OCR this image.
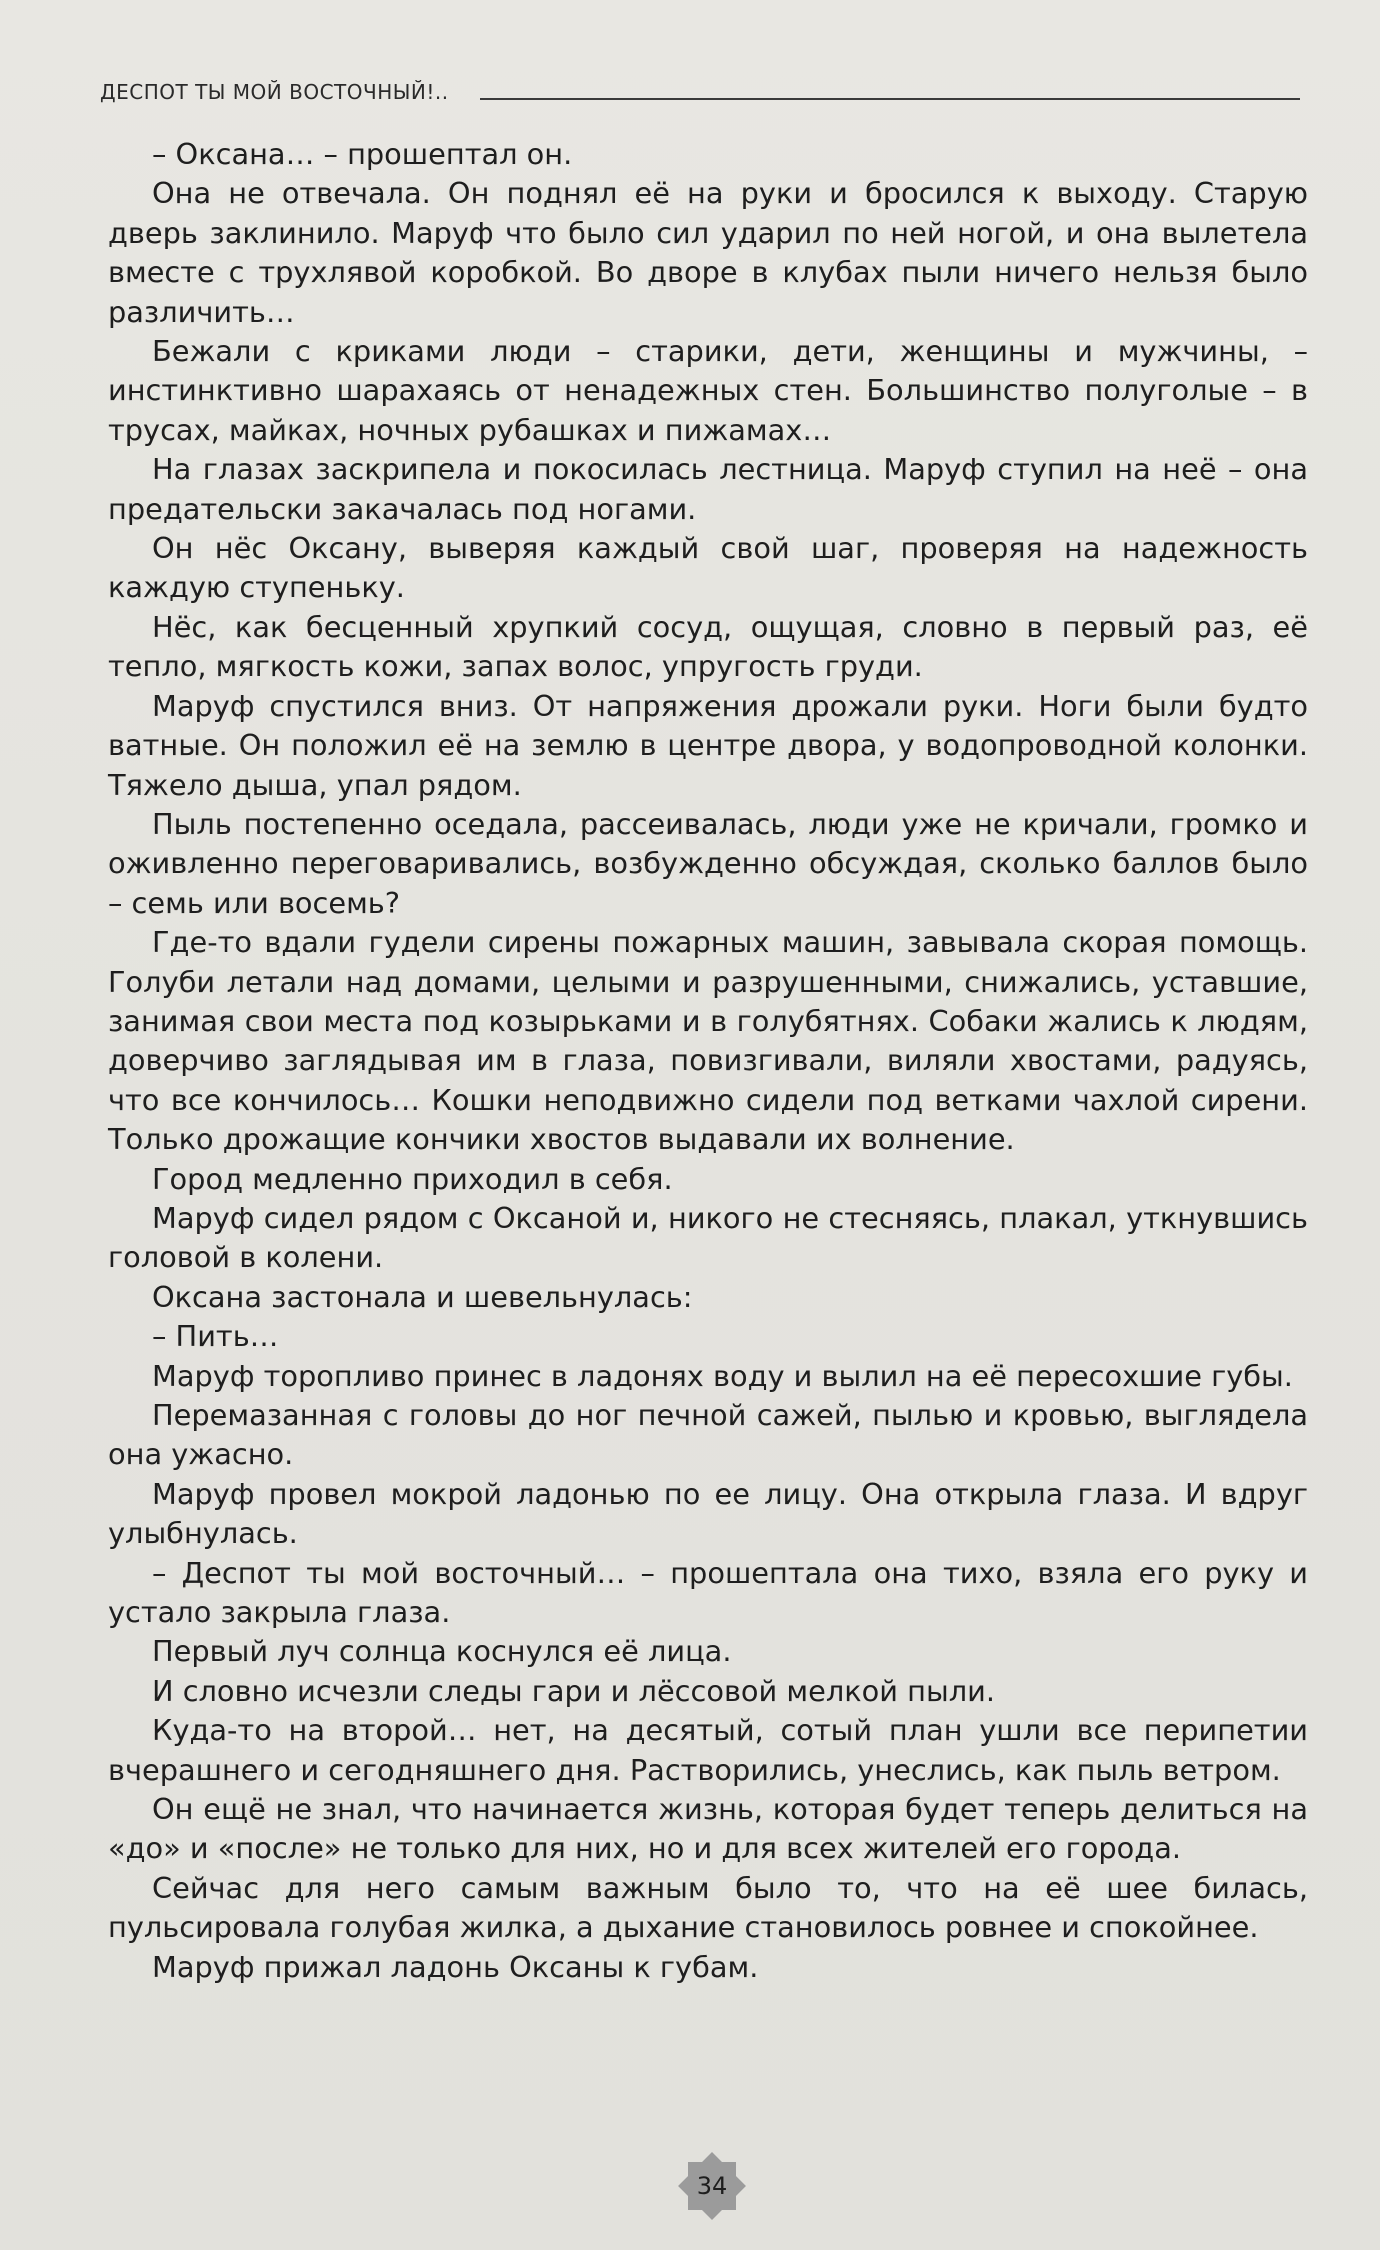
ДЕСПОТ ТЫ МОЙ ВОСТОЧНЫЙ!..

– Оксана… – прошептал он.

Она не отвечала. Он поднял её на руки и бросился к выходу. Старую дверь заклинило. Маруф что было сил ударил по ней ногой, и она вылетела вместе с трухлявой коробкой. Во дворе в клубах пыли ничего нельзя было различить…

Бежали с криками люди – старики, дети, женщины и мужчины, – инстинктивно шарахаясь от ненадежных стен. Большинство полуголые – в трусах, майках, ночных рубашках и пижамах…

На глазах заскрипела и покосилась лестница. Маруф ступил на неё – она предательски закачалась под ногами.

Он нёс Оксану, выверяя каждый свой шаг, проверяя на надежность каждую ступеньку.

Нёс, как бесценный хрупкий сосуд, ощущая, словно в первый раз, её тепло, мягкость кожи, запах волос, упругость груди.

Маруф спустился вниз. От напряжения дрожали руки. Ноги были будто ватные. Он положил её на землю в центре двора, у водопроводной колонки. Тяжело дыша, упал рядом.

Пыль постепенно оседала, рассеивалась, люди уже не кричали, громко и оживленно переговаривались, возбужденно обсуждая, сколько баллов было – семь или восемь?

Где-то вдали гудели сирены пожарных машин, завывала скорая помощь. Голуби летали над домами, целыми и разрушенными, снижались, уставшие, занимая свои места под козырьками и в голубятнях. Собаки жались к людям, доверчиво заглядывая им в глаза, повизгивали, виляли хвостами, радуясь, что все кончилось… Кошки неподвижно сидели под ветками чахлой сирени. Только дрожащие кончики хвостов выдавали их волнение.

Город медленно приходил в себя.

Маруф сидел рядом с Оксаной и, никого не стесняясь, плакал, уткнувшись головой в колени.

Оксана застонала и шевельнулась:

– Пить…

Маруф торопливо принес в ладонях воду и вылил на её пересохшие губы.

Перемазанная с головы до ног печной сажей, пылью и кровью, выглядела она ужасно.

Маруф провел мокрой ладонью по ее лицу. Она открыла глаза. И вдруг улыбнулась.

– Деспот ты мой восточный… – прошептала она тихо, взяла его руку и устало закрыла глаза.

Первый луч солнца коснулся её лица.

И словно исчезли следы гари и лёссовой мелкой пыли.

Куда-то на второй… нет, на десятый, сотый план ушли все перипетии вчерашнего и сегодняшнего дня. Растворились, унеслись, как пыль ветром.

Он ещё не знал, что начинается жизнь, которая будет теперь делиться на «до» и «после» не только для них, но и для всех жителей его города.

Сейчас для него самым важным было то, что на её шее билась, пульсировала голубая жилка, а дыхание становилось ровнее и спокойнее.

Маруф прижал ладонь Оксаны к губам.

34
